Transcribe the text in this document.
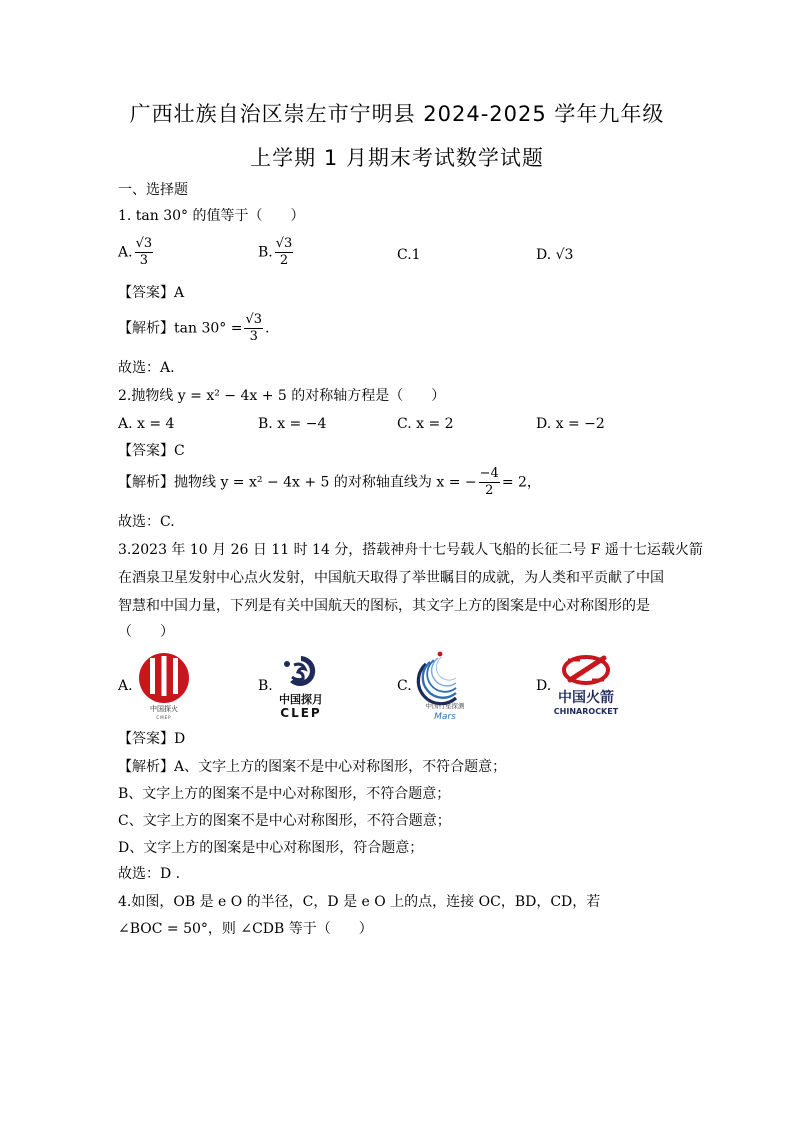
广西壮族自治区崇左市宁明县 2024-2025 学年九年级
上学期 1 月期末考试数学试题
一、选择题
1. tan 30° 的值等于（　　）
A. $\frac{√3}{3}$	B. $\frac{√3}{2}$	C.1	D. √3
【答案】A
【解析】$\tan 30^\circ = \frac{√3}{3}$ .
故选：A.
2.抛物线 y = x² − 4x + 5 的对称轴方程是（　　）
A. x = 4	B. x = −4	C. x = 2	D. x = −2
【答案】C
【解析】抛物线 y = x² − 4x + 5 的对称轴直线为 x = − $\frac{-4}{2} = 2$，
故选：C.
3.2023 年 10 月 26 日 11 时 14 分，搭载神舟十七号载人飞船的长征二号 F 遥十七运载火箭
在酒泉卫星发射中心点火发射，中国航天取得了举世瞩目的成就，为人类和平贡献了中国
智慧和中国力量，下列是有关中国航天的图标，其文字上方的图案是中心对称图形的是
（　　）
A.	B.	C.	D.
中国探火
CMEP
中国探月
CLEP	中国行星探测
Mars
中国火箭
CHINAROCKET
【答案】D
【解析】A、文字上方的图案不是中心对称图形，不符合题意；
B、文字上方的图案不是中心对称图形，不符合题意；
C、文字上方的图案不是中心对称图形，不符合题意；
D、文字上方的图案是中心对称图形，符合题意；
故选：D .
4.如图，OB 是 e O 的半径，C，D 是 e O 上的点，连接 OC，BD，CD，若
∠BOC = 50°，则 ∠CDB 等于（　　）
